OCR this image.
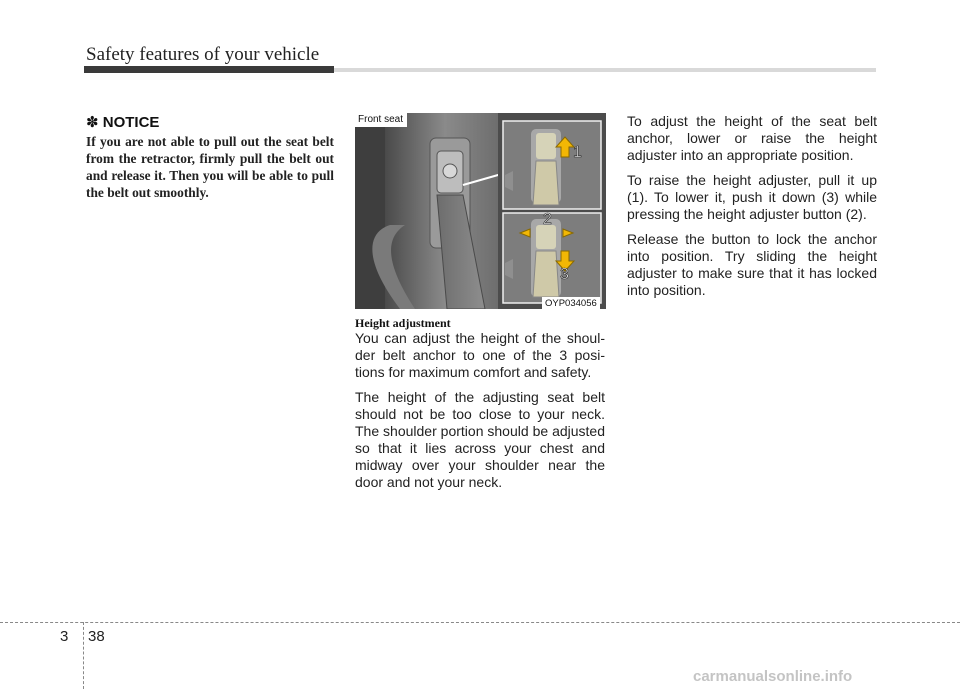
Safety features of your vehicle
✽ NOTICE
If you are not able to pull out the seat belt from the retractor, firmly pull the belt out and release it. Then you will be able to pull the belt out smoothly.
1
2
3
Front seat
OYP034056
Height adjustment

You can adjust the height of the shoul-der belt anchor to one of the 3 posi-tions for maximum comfort and safety.

The height of the adjusting seat belt should not be too close to your neck. The shoulder portion should be adjusted so that it lies across your chest and midway over your shoulder near the door and not your neck.

To adjust the height of the seat belt anchor, lower or raise the height adjuster into an appropriate position.

To raise the height adjuster, pull it up (1). To lower it, push it down (3) while pressing the height adjuster button (2).

Release the button to lock the anchor into position. Try sliding the height adjuster to make sure that it has locked into position.

3 38
carmanualsonline.info
